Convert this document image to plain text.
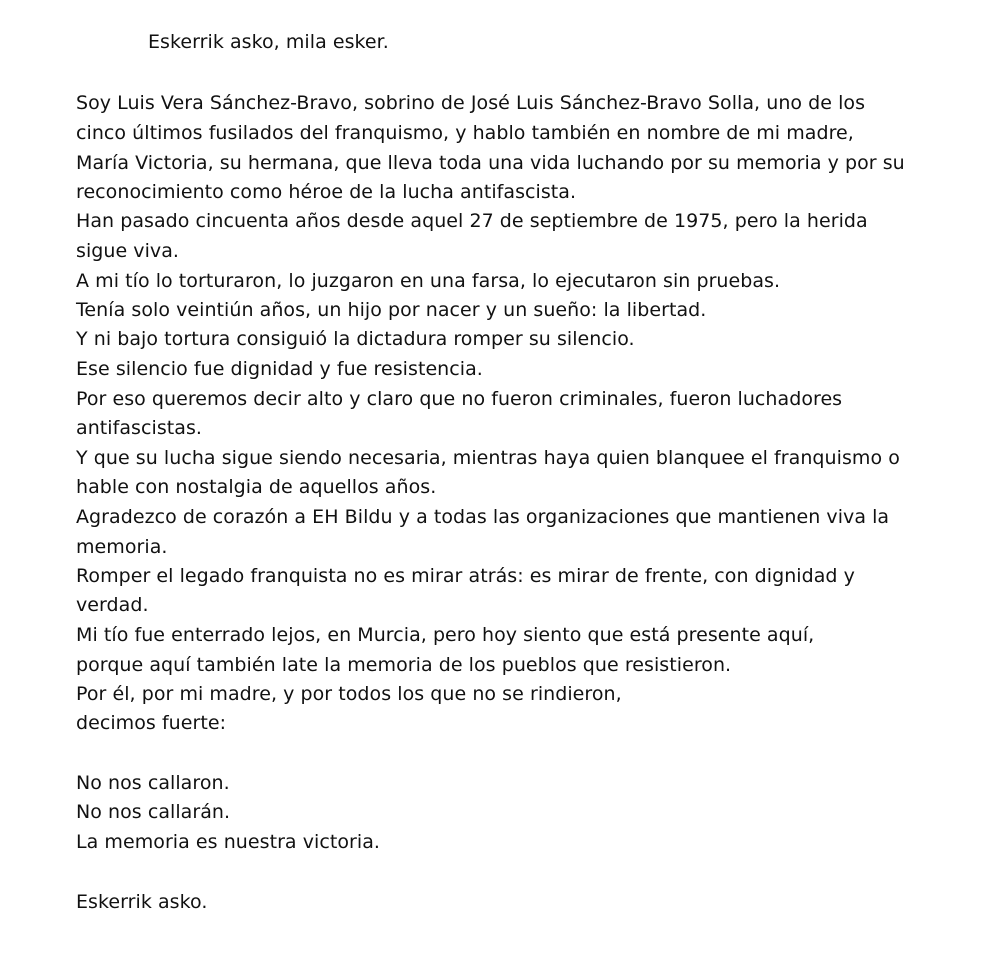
Eskerrik asko, mila esker.
Soy Luis Vera Sánchez-Bravo, sobrino de José Luis Sánchez-Bravo Solla, uno de los
cinco últimos fusilados del franquismo, y hablo también en nombre de mi madre,
María Victoria, su hermana, que lleva toda una vida luchando por su memoria y por su
reconocimiento como héroe de la lucha antifascista.
Han pasado cincuenta años desde aquel 27 de septiembre de 1975, pero la herida
sigue viva.
A mi tío lo torturaron, lo juzgaron en una farsa, lo ejecutaron sin pruebas.
Tenía solo veintiún años, un hijo por nacer y un sueño: la libertad.
Y ni bajo tortura consiguió la dictadura romper su silencio.
Ese silencio fue dignidad y fue resistencia.
Por eso queremos decir alto y claro que no fueron criminales, fueron luchadores
antifascistas.
Y que su lucha sigue siendo necesaria, mientras haya quien blanquee el franquismo o
hable con nostalgia de aquellos años.
Agradezco de corazón a EH Bildu y a todas las organizaciones que mantienen viva la
memoria.
Romper el legado franquista no es mirar atrás: es mirar de frente, con dignidad y
verdad.
Mi tío fue enterrado lejos, en Murcia, pero hoy siento que está presente aquí,
porque aquí también late la memoria de los pueblos que resistieron.
Por él, por mi madre, y por todos los que no se rindieron,
decimos fuerte:
No nos callaron.
No nos callarán.
La memoria es nuestra victoria.
Eskerrik asko.
